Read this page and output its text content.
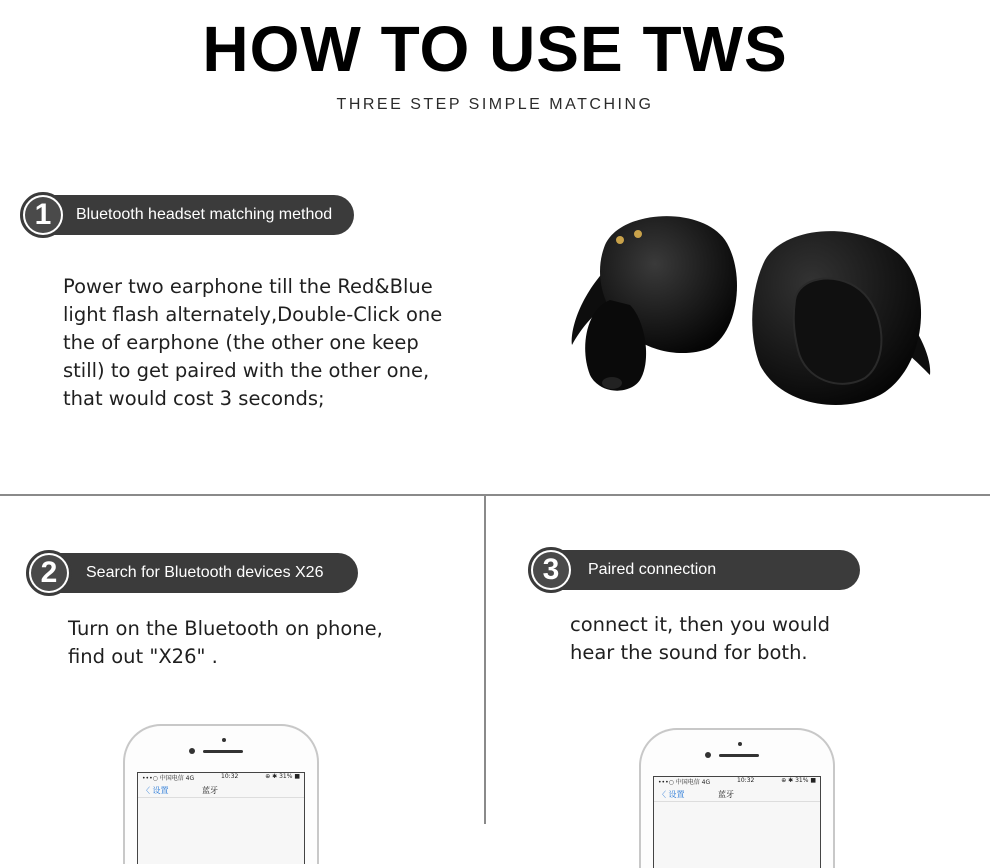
HOW TO USE TWS
THREE STEP SIMPLE MATCHING
Bluetooth headset matching method
1
Power two earphone till the Red&Blue light flash alternately,Double-Click one the of earphone (the other one keep still) to get paired with the other one, that would cost 3 seconds;
Search for Bluetooth devices X26
2
Turn on the Bluetooth on phone, find out "X26" .
Paired connection
3
connect it, then you would hear the sound for both.
•••○ 中国电信 4G	10:32	⊕ ✱ 31% ■
〈 设置	蓝牙
•••○ 中国电信 4G	10:32	⊕ ✱ 31% ■
〈 设置	蓝牙
